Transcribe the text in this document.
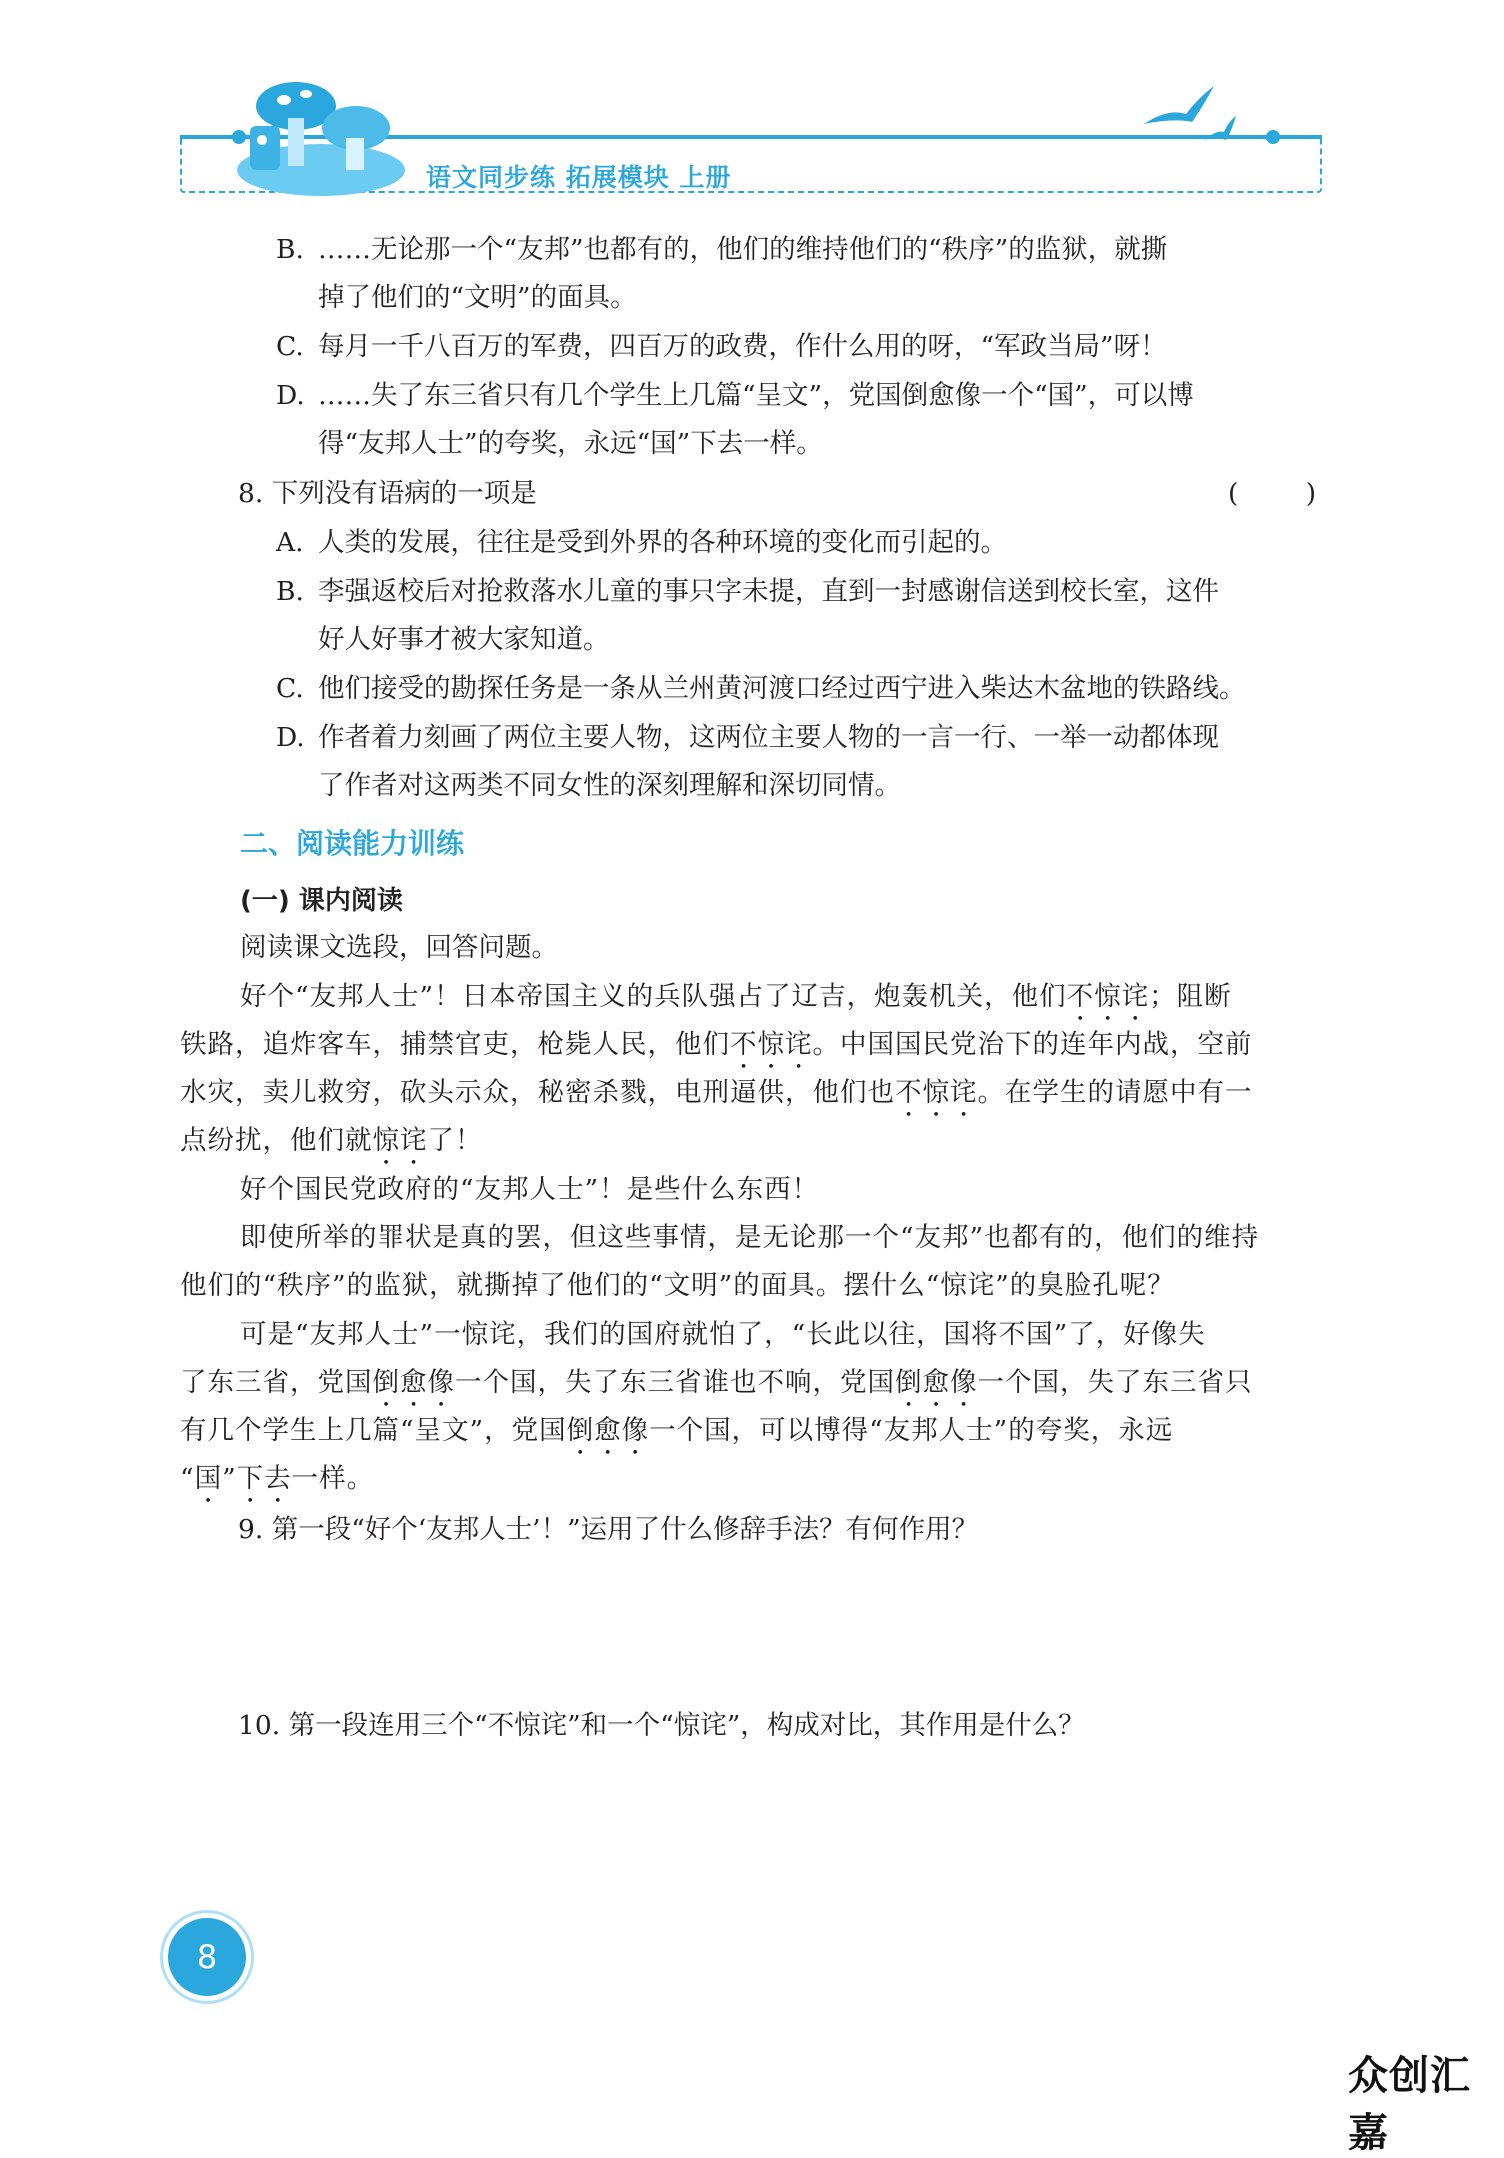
语文同步练 拓展模块 上册
B. ……无论那一个“友邦”也都有的，他们的维持他们的“秩序”的监狱，就撕
掉了他们的“文明”的面具。
C. 每月一千八百万的军费，四百万的政费，作什么用的呀，“军政当局”呀！
D. ……失了东三省只有几个学生上几篇“呈文”，党国倒愈像一个“国”，可以博
得“友邦人士”的夸奖，永远“国”下去一样。
8. 下列没有语病的一项是	(        )
A. 人类的发展，往往是受到外界的各种环境的变化而引起的。
B. 李强返校后对抢救落水儿童的事只字未提，直到一封感谢信送到校长室，这件
好人好事才被大家知道。
C. 他们接受的勘探任务是一条从兰州黄河渡口经过西宁进入柴达木盆地的铁路线。
D. 作者着力刻画了两位主要人物，这两位主要人物的一言一行、一举一动都体现
了作者对这两类不同女性的深刻理解和深切同情。
二、阅读能力训练
(一) 课内阅读
阅读课文选段，回答问题。
好个“友邦人士”！日本帝国主义的兵队强占了辽吉，炮轰机关，他们不惊诧；阻断
铁路，追炸客车，捕禁官吏，枪毙人民，他们不惊诧。中国国民党治下的连年内战，空前
水灾，卖儿救穷，砍头示众，秘密杀戮，电刑逼供，他们也不惊诧。在学生的请愿中有一
点纷扰，他们就惊诧了！
好个国民党政府的“友邦人士”！是些什么东西！
即使所举的罪状是真的罢，但这些事情，是无论那一个“友邦”也都有的，他们的维持
他们的“秩序”的监狱，就撕掉了他们的“文明”的面具。摆什么“惊诧”的臭脸孔呢？
可是“友邦人士”一惊诧，我们的国府就怕了，“长此以往，国将不国”了，好像失
了东三省，党国倒愈像一个国，失了东三省谁也不响，党国倒愈像一个国，失了东三省只
有几个学生上几篇“呈文”，党国倒愈像一个国，可以博得“友邦人士”的夸奖，永远
“国”下去一样。
9. 第一段“好个‘友邦人士’！”运用了什么修辞手法？有何作用？
10. 第一段连用三个“不惊诧”和一个“惊诧”，构成对比，其作用是什么？
8
众创汇嘉
